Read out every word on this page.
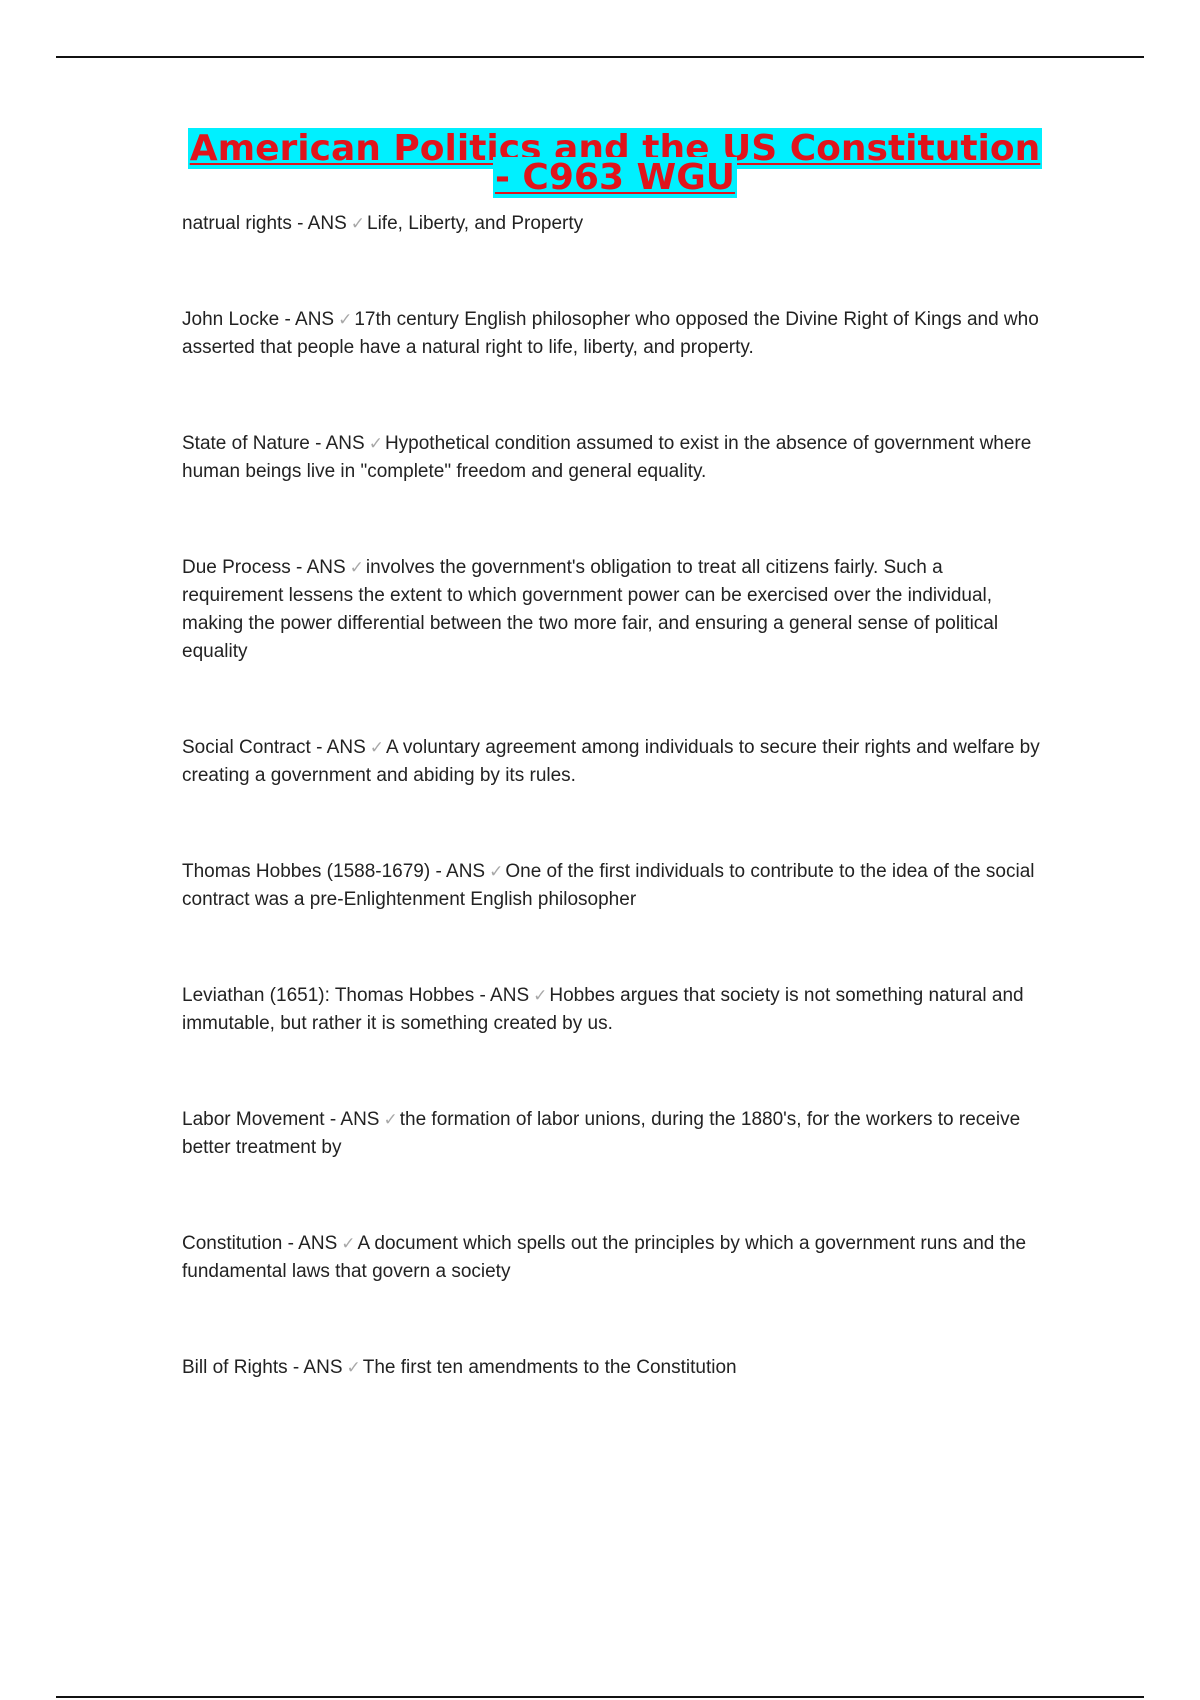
American Politics and the US Constitution - C963 WGU

natrual rights - ANS ✓ Life, Liberty, and Property

John Locke - ANS ✓ 17th century English philosopher who opposed the Divine Right of Kings and who asserted that people have a natural right to life, liberty, and property.

State of Nature - ANS ✓ Hypothetical condition assumed to exist in the absence of government where human beings live in "complete" freedom and general equality.

Due Process - ANS ✓ involves the government's obligation to treat all citizens fairly. Such a requirement lessens the extent to which government power can be exercised over the individual, making the power differential between the two more fair, and ensuring a general sense of political equality

Social Contract - ANS ✓ A voluntary agreement among individuals to secure their rights and welfare by creating a government and abiding by its rules.

Thomas Hobbes (1588-1679) - ANS ✓ One of the first individuals to contribute to the idea of the social contract was a pre-Enlightenment English philosopher

Leviathan (1651): Thomas Hobbes - ANS ✓ Hobbes argues that society is not something natural and immutable, but rather it is something created by us.

Labor Movement - ANS ✓ the formation of labor unions, during the 1880's, for the workers to receive better treatment by

Constitution - ANS ✓ A document which spells out the principles by which a government runs and the fundamental laws that govern a society

Bill of Rights - ANS ✓ The first ten amendments to the Constitution
